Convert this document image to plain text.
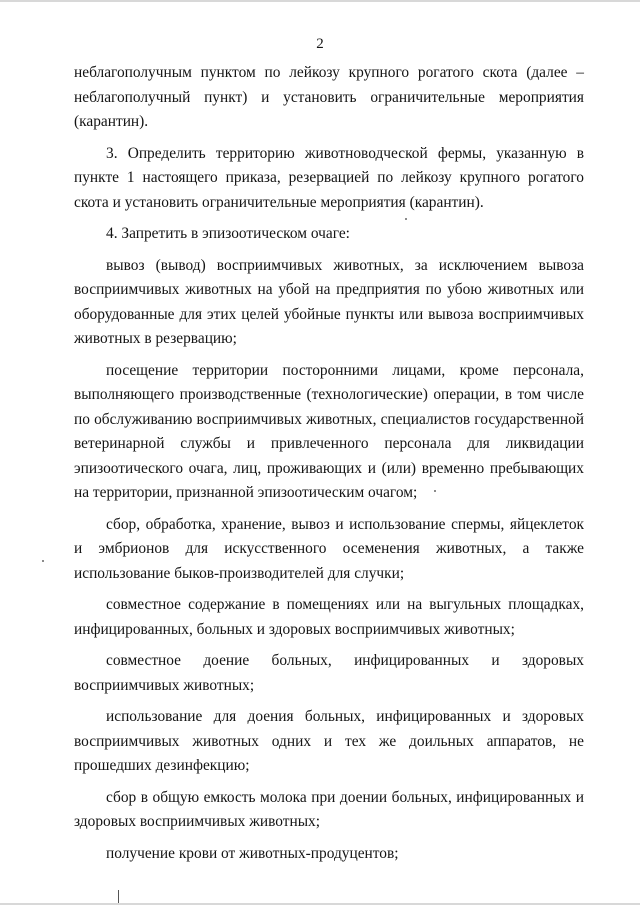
2

неблагополучным пунктом по лейкозу крупного рогатого скота (далее – неблагополучный пункт) и установить ограничительные мероприятия (карантин).

3. Определить территорию животноводческой фермы, указанную в пункте 1 настоящего приказа, резервацией по лейкозу крупного рогатого скота и установить ограничительные мероприятия (карантин).

4. Запретить в эпизоотическом очаге:

вывоз (вывод) восприимчивых животных, за исключением вывоза восприимчивых животных на убой на предприятия по убою животных или оборудованные для этих целей убойные пункты или вывоза восприимчивых животных в резервацию;

посещение территории посторонними лицами, кроме персонала, выполняющего производственные (технологические) операции, в том числе по обслуживанию восприимчивых животных, специалистов государственной ветеринарной службы и привлеченного персонала для ликвидации эпизоотического очага, лиц, проживающих и (или) временно пребывающих на территории, признанной эпизоотическим очагом;

сбор, обработка, хранение, вывоз и использование спермы, яйцеклеток и эмбрионов для искусственного осеменения животных, а также использование быков-производителей для случки;

совместное содержание в помещениях или на выгульных площадках, инфицированных, больных и здоровых восприимчивых животных;

совместное доение больных, инфицированных и здоровых восприимчивых животных;

использование для доения больных, инфицированных и здоровых восприимчивых животных одних и тех же доильных аппаратов, не прошедших дезинфекцию;

сбор в общую емкость молока при доении больных, инфицированных и здоровых восприимчивых животных;

получение крови от животных-продуцентов;
